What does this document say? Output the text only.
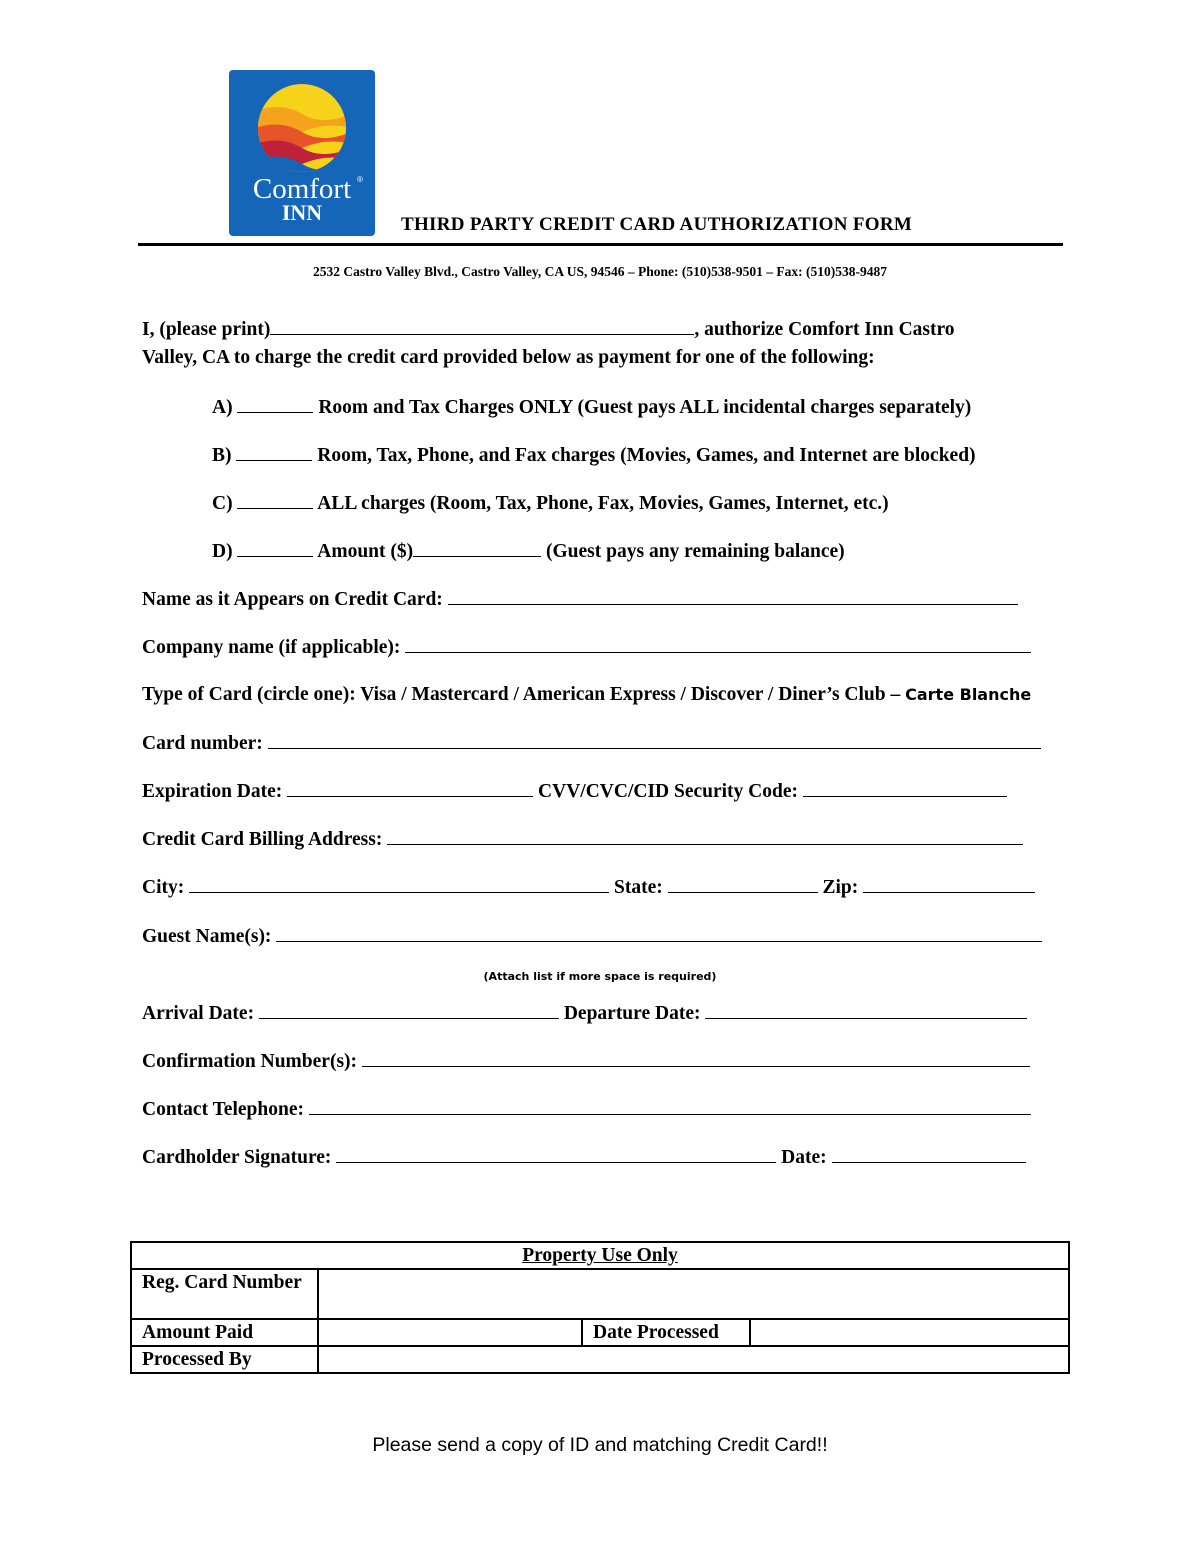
Comfort ®
INN	THIRD PARTY CREDIT CARD AUTHORIZATION FORM
2532 Castro Valley Blvd., Castro Valley, CA US, 94546 – Phone: (510)538-9501 – Fax: (510)538-9487
I, (please print)	, authorize Comfort Inn Castro
Valley, CA to charge the credit card provided below as payment for one of the following:
A)	Room and Tax Charges ONLY (Guest pays ALL incidental charges separately)
B)	Room, Tax, Phone, and Fax charges (Movies, Games, and Internet are blocked)
C)	ALL charges (Room, Tax, Phone, Fax, Movies, Games, Internet, etc.)
D)	Amount ($)	(Guest pays any remaining balance)
Name as it Appears on Credit Card:
Company name (if applicable):
Type of Card (circle one): Visa / Mastercard / American Express / Discover / Diner’s Club – Carte Blanche
Card number:
Expiration Date:	CVV/CVC/CID Security Code:
Credit Card Billing Address:
City:	State:	Zip:
Guest Name(s):
(Attach list if more space is required)
Arrival Date:	Departure Date:
Confirmation Number(s):
Contact Telephone:
Cardholder Signature:	Date:
Property Use Only			
Reg. Card Number			
Amount Paid		Date Processed	
Processed By			
Please send a copy of ID and matching Credit Card!!
